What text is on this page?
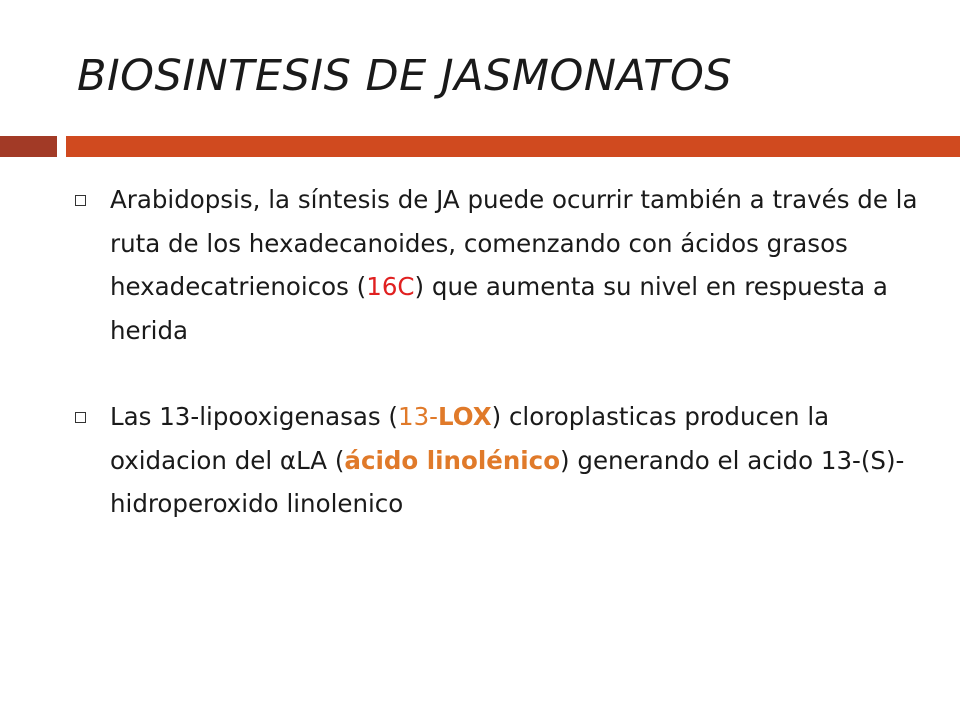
BIOSINTESIS DE JASMONATOS
Arabidopsis, la síntesis de JA puede ocurrir también a través de la ruta de los hexadecanoides, comenzando con ácidos grasos hexadecatrienoicos (16C) que aumenta su nivel en respuesta a herida
Las 13-lipooxigenasas (13-LOX) cloroplasticas producen la oxidacion del αLA (ácido linolénico) generando el acido 13-(S)-hidroperoxido linolenico
